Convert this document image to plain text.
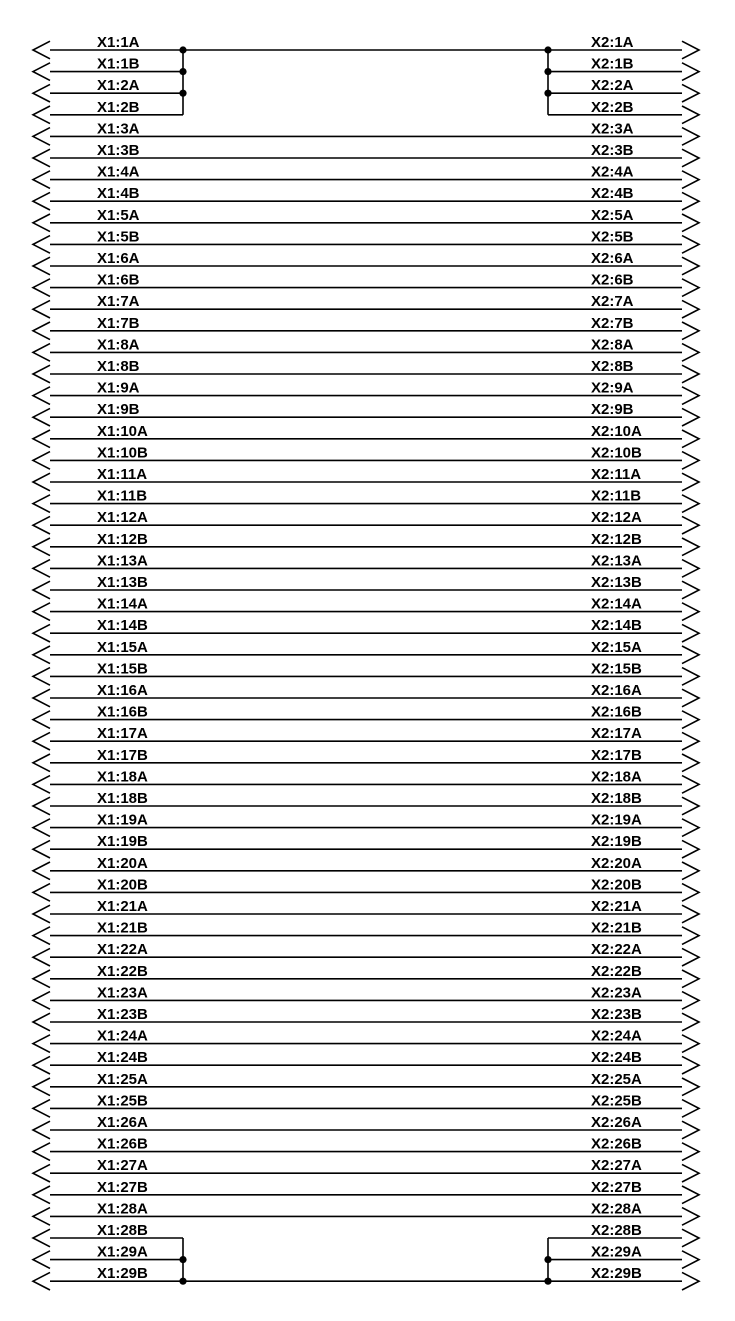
X1:1A
X1:1B
X1:2A
X1:2B
X1:3A
X1:3B
X1:4A
X1:4B
X1:5A
X1:5B
X1:6A
X1:6B
X1:7A
X1:7B
X1:8A
X1:8B
X1:9A
X1:9B
X1:10A
X1:10B
X1:11A
X1:11B
X1:12A
X1:12B
X1:13A
X1:13B
X1:14A
X1:14B
X1:15A
X1:15B
X1:16A
X1:16B
X1:17A
X1:17B
X1:18A
X1:18B
X1:19A
X1:19B
X1:20A
X1:20B
X1:21A
X1:21B
X1:22A
X1:22B
X1:23A
X1:23B
X1:24A
X1:24B
X1:25A
X1:25B
X1:26A
X1:26B
X1:27A
X1:27B
X1:28A
X1:28B
X1:29A
X1:29B
X2:1A
X2:1B
X2:2A
X2:2B
X2:3A
X2:3B
X2:4A
X2:4B
X2:5A
X2:5B
X2:6A
X2:6B
X2:7A
X2:7B
X2:8A
X2:8B
X2:9A
X2:9B
X2:10A
X2:10B
X2:11A
X2:11B
X2:12A
X2:12B
X2:13A
X2:13B
X2:14A
X2:14B
X2:15A
X2:15B
X2:16A
X2:16B
X2:17A
X2:17B
X2:18A
X2:18B
X2:19A
X2:19B
X2:20A
X2:20B
X2:21A
X2:21B
X2:22A
X2:22B
X2:23A
X2:23B
X2:24A
X2:24B
X2:25A
X2:25B
X2:26A
X2:26B
X2:27A
X2:27B
X2:28A
X2:28B
X2:29A
X2:29B
